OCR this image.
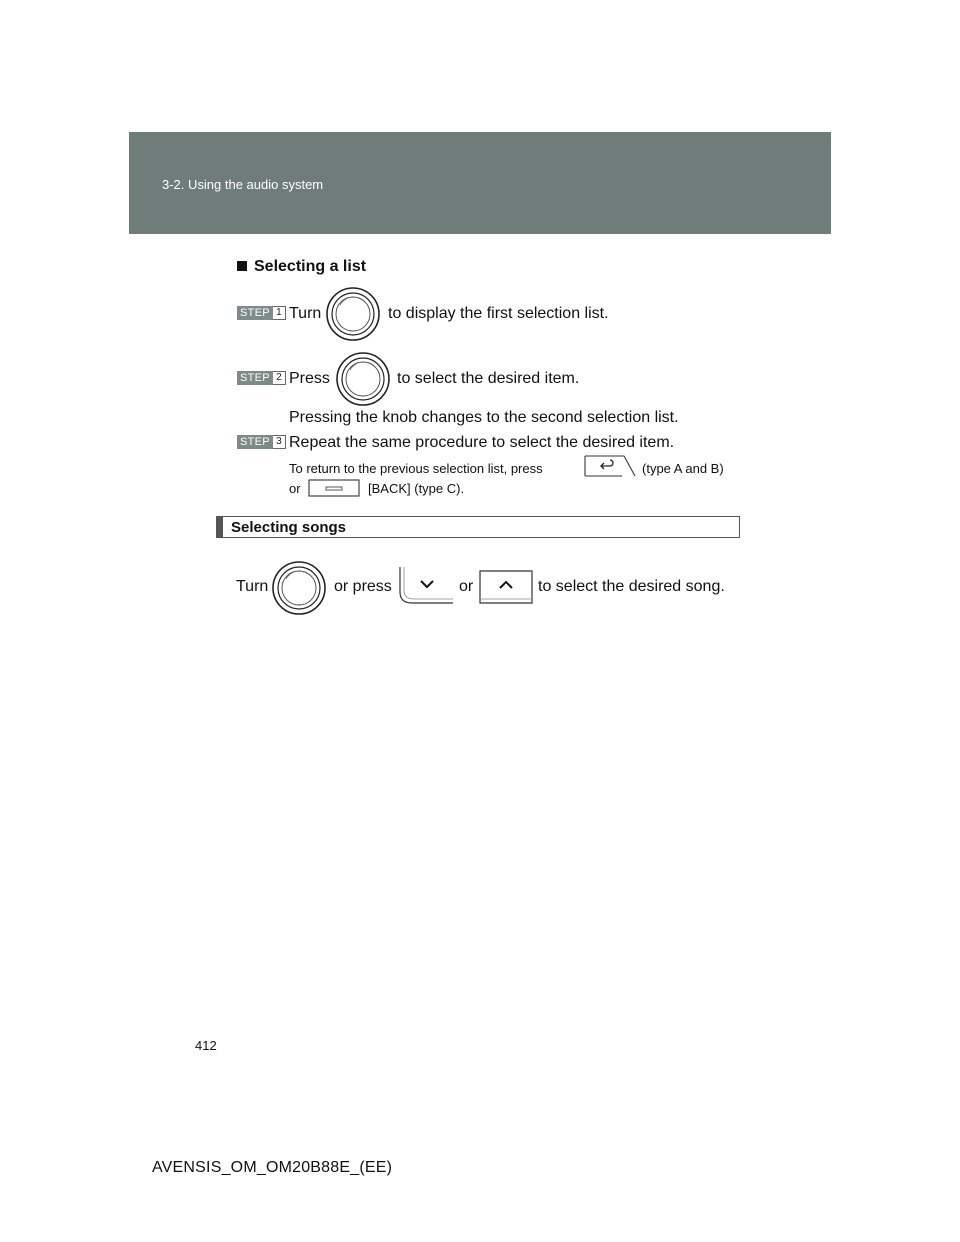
3-2. Using the audio system
Selecting a list
STEP 1 Turn	to display the first selection list.
STEP 2 Press	to select the desired item.
Pressing the knob changes to the second selection list.
STEP 3 Repeat the same procedure to select the desired item.
To return to the previous selection list, press	(type A and B)
or	[BACK] (type C).
Selecting songs
Turn	or press	or	to select the desired song.
412
AVENSIS_OM_OM20B88E_(EE)
